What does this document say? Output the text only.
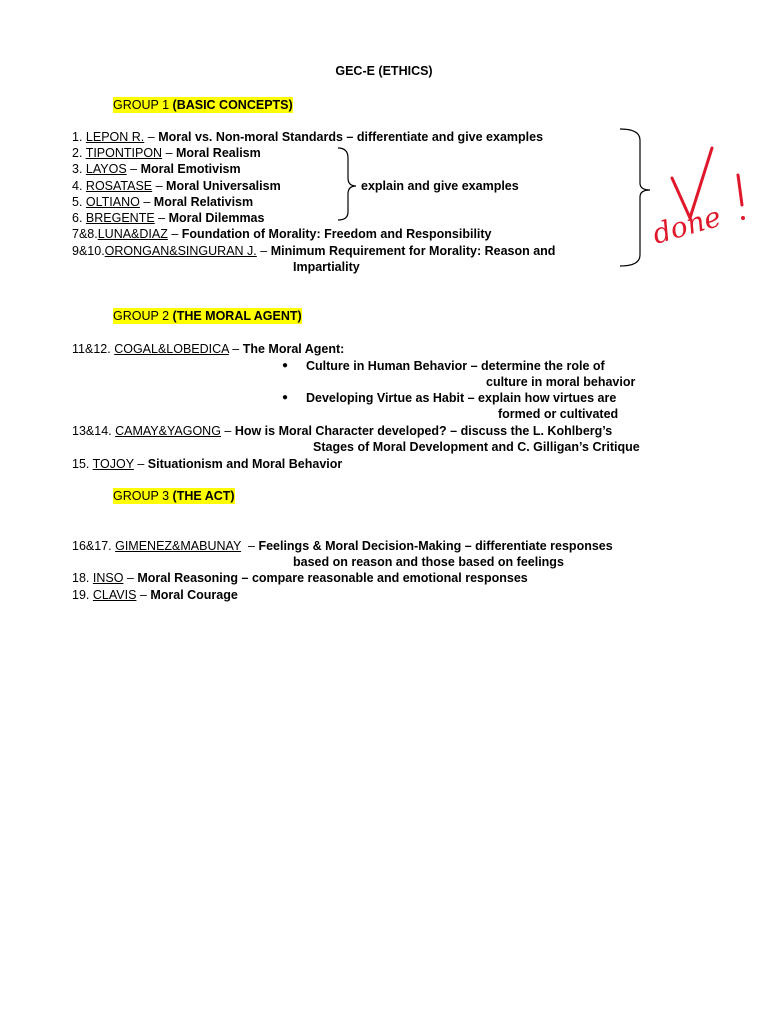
GEC-E (ETHICS)
GROUP 1 (BASIC CONCEPTS)
1. LEPON R. – Moral vs. Non-moral Standards – differentiate and give examples
2. TIPONTIPON – Moral Realism
3. LAYOS – Moral Emotivism
4. ROSATASE – Moral Universalism
5. OLTIANO – Moral Relativism
6. BREGENTE – Moral Dilemmas
7&8.LUNA&DIAZ – Foundation of Morality: Freedom and Responsibility
9&10.ORONGAN&SINGURAN J. – Minimum Requirement for Morality: Reason and
Impartiality
explain and give examples
GROUP 2 (THE MORAL AGENT)
11&12. COGAL&LOBEDICA – The Moral Agent:
● Culture in Human Behavior – determine the role of
culture in moral behavior
● Developing Virtue as Habit – explain how virtues are
formed or cultivated
13&14. CAMAY&YAGONG – How is Moral Character developed? – discuss the L. Kohlberg’s
Stages of Moral Development and C. Gilligan’s Critique
15. TOJOY – Situationism and Moral Behavior
GROUP 3 (THE ACT)
16&17. GIMENEZ&MABUNAY  – Feelings & Moral Decision-Making – differentiate responses
based on reason and those based on feelings
18. INSO – Moral Reasoning – compare reasonable and emotional responses
19. CLAVIS – Moral Courage
done
